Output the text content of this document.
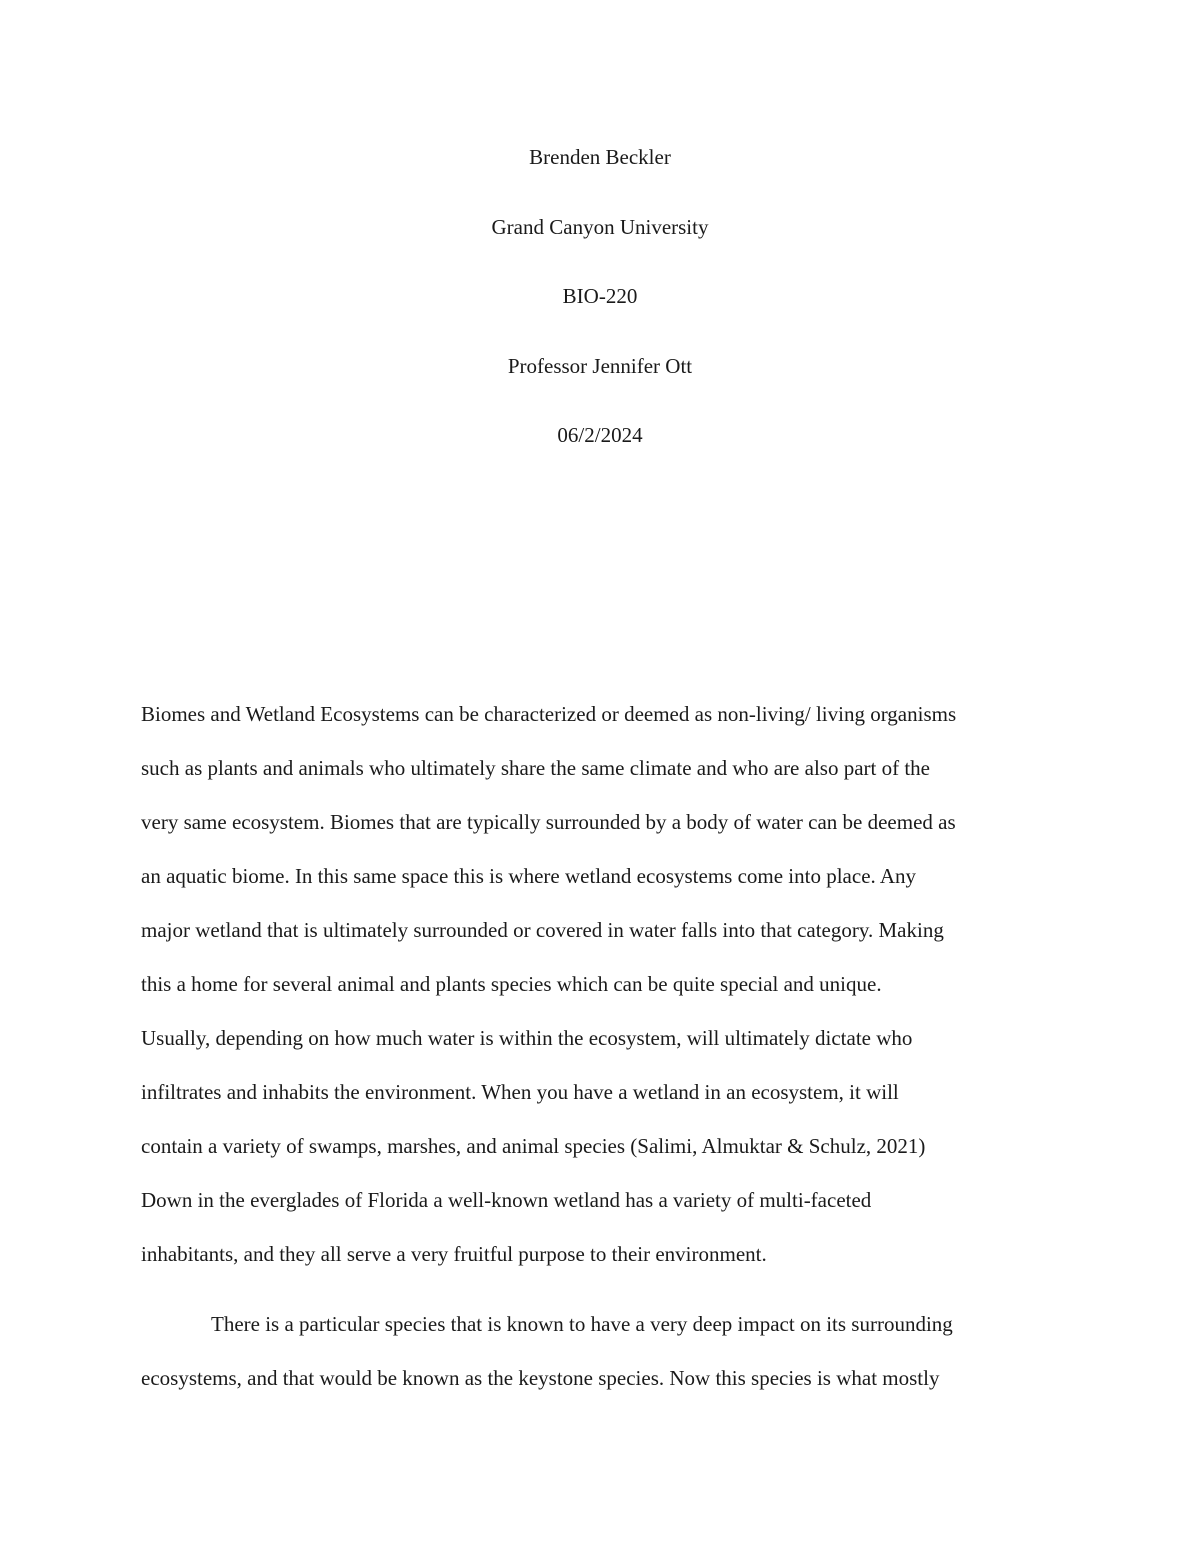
Brenden Beckler
Grand Canyon University
BIO-220
Professor Jennifer Ott
06/2/2024
Biomes and Wetland Ecosystems can be characterized or deemed as non-living/ living organisms
such as plants and animals who ultimately share the same climate and who are also part of the
very same ecosystem. Biomes that are typically surrounded by a body of water can be deemed as
an aquatic biome. In this same space this is where wetland ecosystems come into place. Any
major wetland that is ultimately surrounded or covered in water falls into that category. Making
this a home for several animal and plants species which can be quite special and unique.
Usually, depending on how much water is within the ecosystem, will ultimately dictate who
infiltrates and inhabits the environment. When you have a wetland in an ecosystem, it will
contain a variety of swamps, marshes, and animal species (Salimi, Almuktar & Schulz, 2021)
Down in the everglades of Florida a well-known wetland has a variety of multi-faceted
inhabitants, and they all serve a very fruitful purpose to their environment.
There is a particular species that is known to have a very deep impact on its surrounding
ecosystems, and that would be known as the keystone species. Now this species is what mostly
